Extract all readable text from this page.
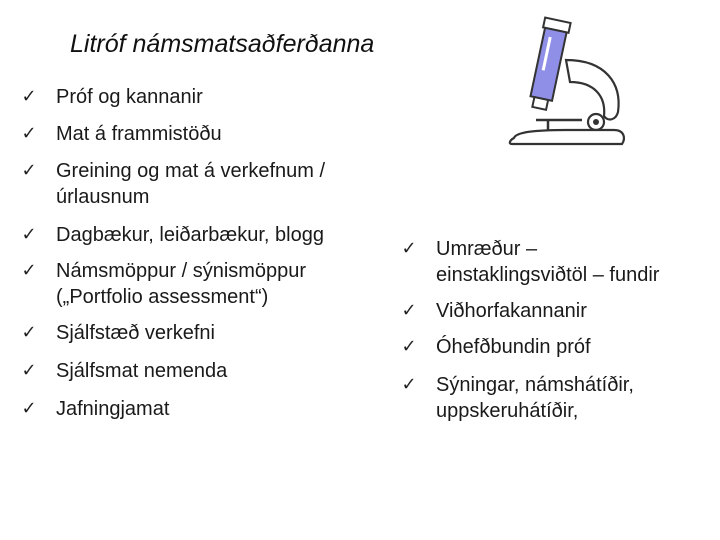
Litróf námsmatsaðferðanna
✓ Próf og kannanir
✓ Mat á frammistöðu
✓ Greining og mat á verkefnum /
úrlausnum
✓ Dagbækur, leiðarbækur, blogg
✓ Námsmöppur / sýnismöppur
(„Portfolio assessment“)
✓ Sjálfstæð verkefni
✓ Sjálfsmat nemenda
✓ Jafningjamat
✓ Umræður –
einstaklingsviðtöl – fundir
✓ Viðhorfakannanir
✓ Óhefðbundin próf
✓ Sýningar, námshátíðir,
uppskeruhátíðir,
